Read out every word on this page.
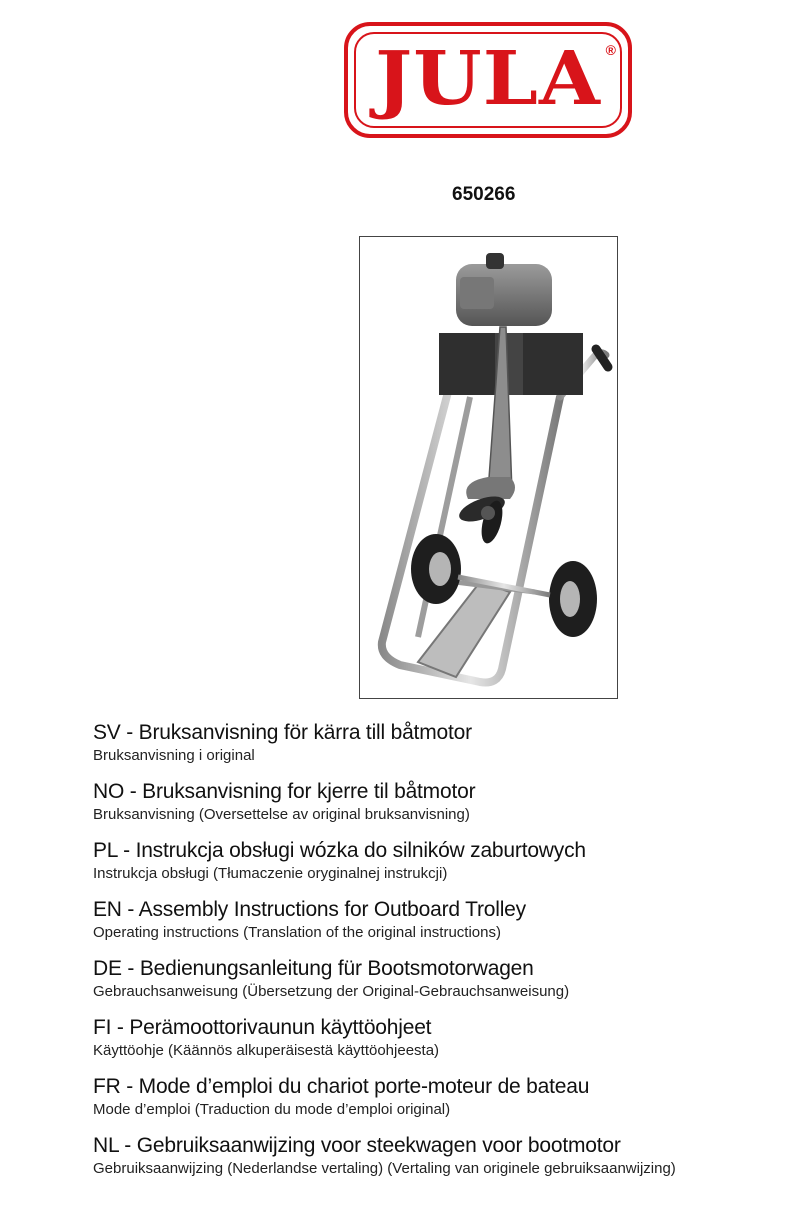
JULA ®
650266
SV - Bruksanvisning för kärra till båtmotor
Bruksanvisning i original
NO - Bruksanvisning for kjerre til båtmotor
Bruksanvisning (Oversettelse av original bruksanvisning)
PL - Instrukcja obsługi wózka do silników zaburtowych
Instrukcja obsługi (Tłumaczenie oryginalnej instrukcji)
EN - Assembly Instructions for Outboard Trolley
Operating instructions (Translation of the original instructions)
DE - Bedienungsanleitung für Bootsmotorwagen
Gebrauchsanweisung (Übersetzung der Original-Gebrauchsanweisung)
FI - Perämoottorivaunun käyttöohjeet
Käyttöohje (Käännös alkuperäisestä käyttöohjeesta)
FR - Mode d’emploi du chariot porte-moteur de bateau
Mode d’emploi (Traduction du mode d’emploi original)
NL - Gebruiksaanwijzing voor steekwagen voor bootmotor
Gebruiksaanwijzing (Nederlandse vertaling) (Vertaling van originele gebruiksaanwijzing)
